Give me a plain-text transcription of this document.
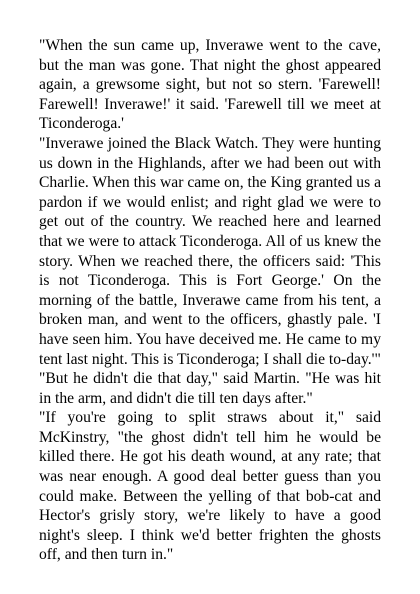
"When the sun came up, Inverawe went to the cave, but the man was gone. That night the ghost appeared again, a grewsome sight, but not so stern. 'Farewell! Farewell! Inverawe!' it said. 'Farewell till we meet at Ticonderoga.'

"Inverawe joined the Black Watch. They were hunting us down in the Highlands, after we had been out with Charlie. When this war came on, the King granted us a pardon if we would enlist; and right glad we were to get out of the country. We reached here and learned that we were to attack Ticonderoga. All of us knew the story. When we reached there, the officers said: 'This is not Ticonderoga. This is Fort George.' On the morning of the battle, Inverawe came from his tent, a broken man, and went to the officers, ghastly pale. 'I have seen him. You have deceived me. He came to my tent last night. This is Ticonderoga; I shall die to-day.'"

"But he didn't die that day," said Martin. "He was hit in the arm, and didn't die till ten days after."

"If you're going to split straws about it," said McKinstry, "the ghost didn't tell him he would be killed there. He got his death wound, at any rate; that was near enough. A good deal better guess than you could make. Between the yelling of that bob-cat and Hector's grisly story, we're likely to have a good night's sleep. I think we'd better frighten the ghosts off, and then turn in."
